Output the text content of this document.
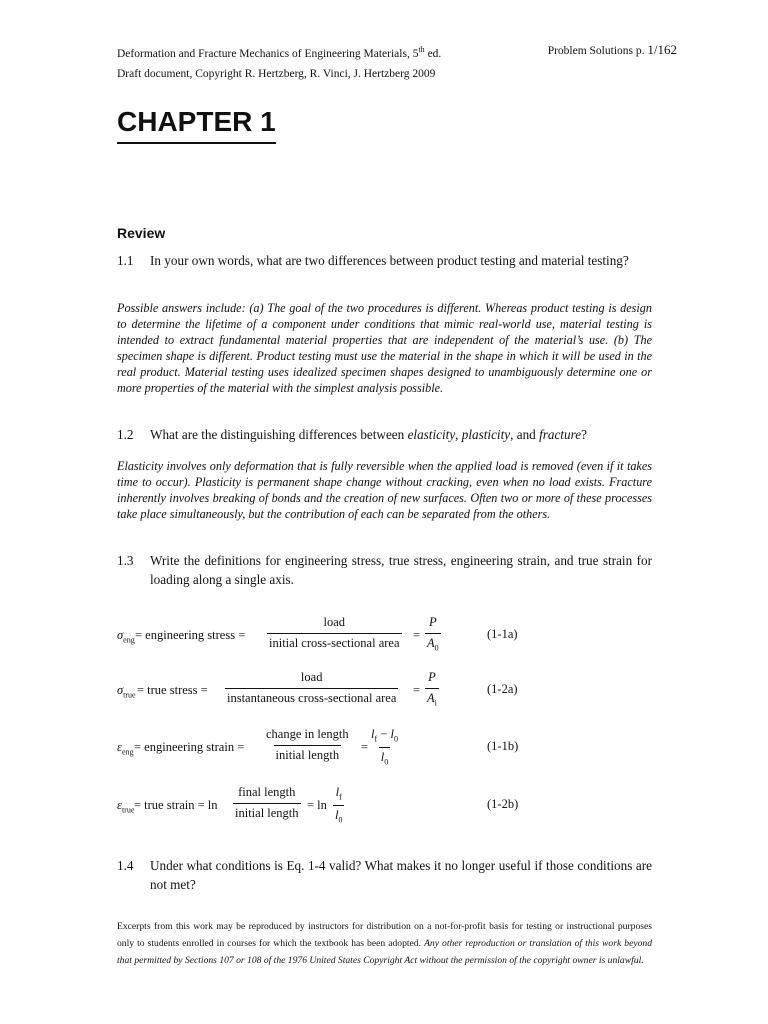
Deformation and Fracture Mechanics of Engineering Materials, 5th ed.	Problem Solutions p. 1/162
Draft document, Copyright R. Hertzberg, R. Vinci, J. Hertzberg 2009
CHAPTER 1
Review
1.1 In your own words, what are two differences between product testing and material testing?
Possible answers include: (a) The goal of the two procedures is different. Whereas product testing is design to determine the lifetime of a component under conditions that mimic real-world use, material testing is intended to extract fundamental material properties that are independent of the material’s use. (b) The specimen shape is different. Product testing must use the material in the shape in which it will be used in the real product. Material testing uses idealized specimen shapes designed to unambiguously determine one or more properties of the material with the simplest analysis possible.
1.2 What are the distinguishing differences between elasticity, plasticity, and fracture?
Elasticity involves only deformation that is fully reversible when the applied load is removed (even if it takes time to occur). Plasticity is permanent shape change without cracking, even when no load exists. Fracture inherently involves breaking of bonds and the creation of new surfaces. Often two or more of these processes take place simultaneously, but the contribution of each can be separated from the others.
1.3 Write the definitions for engineering stress, true stress, engineering strain, and true strain for loading along a single axis.
$\sigma_{eng}$ = engineering stress =
load
initial cross-sectional area
= $\frac{P}{A_0}$	(1-1a)
$\sigma_{true}$ = true stress =
load
instantaneous cross-sectional area
= $\frac{P}{A_i}$	(1-2a)
$\varepsilon_{eng}$ = engineering strain =
change in length
initial length
= $\frac{l_f - l_0}{l_0}$	(1-1b)
$\varepsilon_{true}$ = true strain = ln
final length
initial length
= $\ln \frac{l_f}{l_0}$	(1-2b)
1.4 Under what conditions is Eq. 1-4 valid? What makes it no longer useful if those conditions are not met?
Excerpts from this work may be reproduced by instructors for distribution on a not-for-profit basis for testing or instructional purposes only to students enrolled in courses for which the textbook has been adopted. Any other reproduction or translation of this work beyond that permitted by Sections 107 or 108 of the 1976 United States Copyright Act without the permission of the copyright owner is unlawful.
